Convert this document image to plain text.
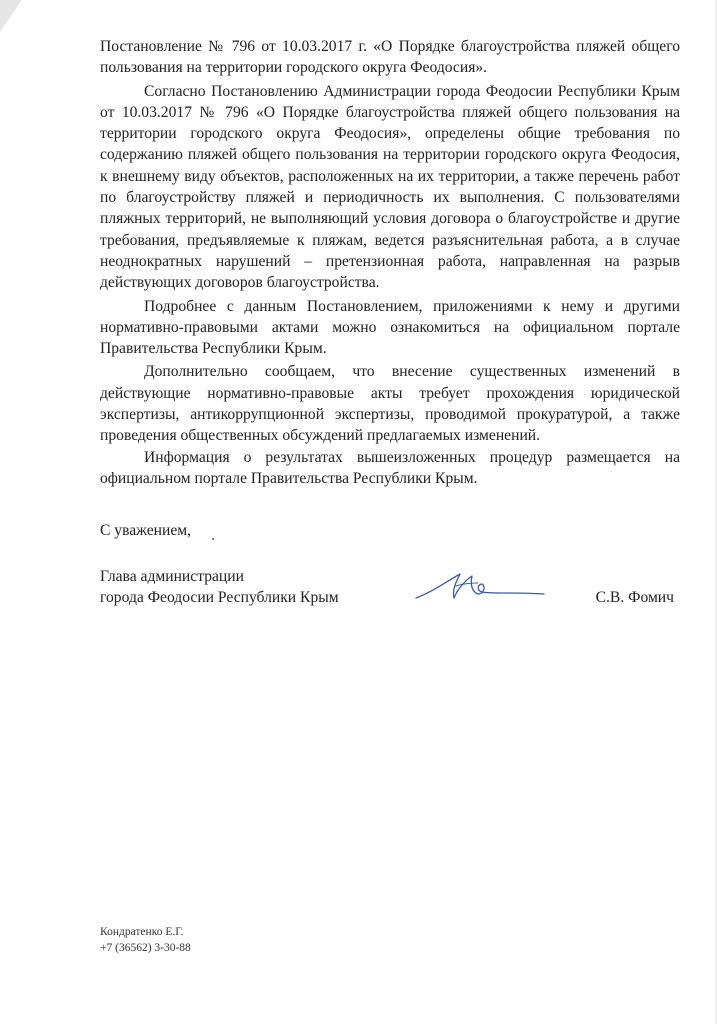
Постановление № 796 от 10.03.2017 г. «О Порядке благоустройства пляжей общего пользования на территории городского округа Феодосия».

Согласно Постановлению Администрации города Феодосии Республики Крым от 10.03.2017 № 796 «О Порядке благоустройства пляжей общего пользования на территории городского округа Феодосия», определены общие требования по содержанию пляжей общего пользования на территории городского округа Феодосия, к внешнему виду объектов, расположенных на их территории, а также перечень работ по благоустройству пляжей и периодичность их выполнения. С пользователями пляжных территорий, не выполняющий условия договора о благоустройстве и другие требования, предъявляемые к пляжам, ведется разъяснительная работа, а в случае неоднократных нарушений – претензионная работа, направленная на разрыв действующих договоров благоустройства.

Подробнее с данным Постановлением, приложениями к нему и другими нормативно-правовыми актами можно ознакомиться на официальном портале Правительства Республики Крым.

Дополнительно сообщаем, что внесение существенных изменений в действующие нормативно-правовые акты требует прохождения юридической экспертизы, антикоррупционной экспертизы, проводимой прокуратурой, а также проведения общественных обсуждений предлагаемых изменений.

Информация о результатах вышеизложенных процедур размещается на официальном портале Правительства Республики Крым.

С уважением,
Глава администрации
города Феодосии Республики Крым	С.В. Фомич
Кондратенко Е.Г.
+7 (36562) 3-30-88
